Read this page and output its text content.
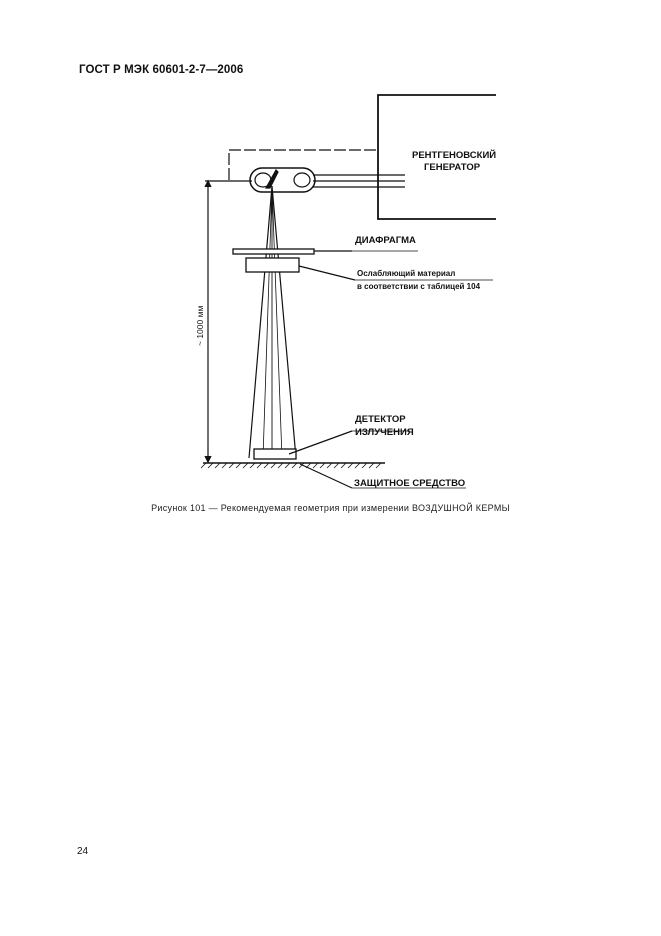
ГОСТ Р МЭК 60601-2-7—2006
РЕНТГЕНОВСКИЙ
ГЕНЕРАТОР
ДИАФРАГМА
ДЕТЕКТОР
ИЗЛУЧЕНИЯ
ЗАЩИТНОЕ СРЕДСТВО
Ослабляющий материал
в соответствии с таблицей 104
~ 1000 мм
Рисунок 101 — Рекомендуемая геометрия при измерении ВОЗДУШНОЙ КЕРМЫ
24
